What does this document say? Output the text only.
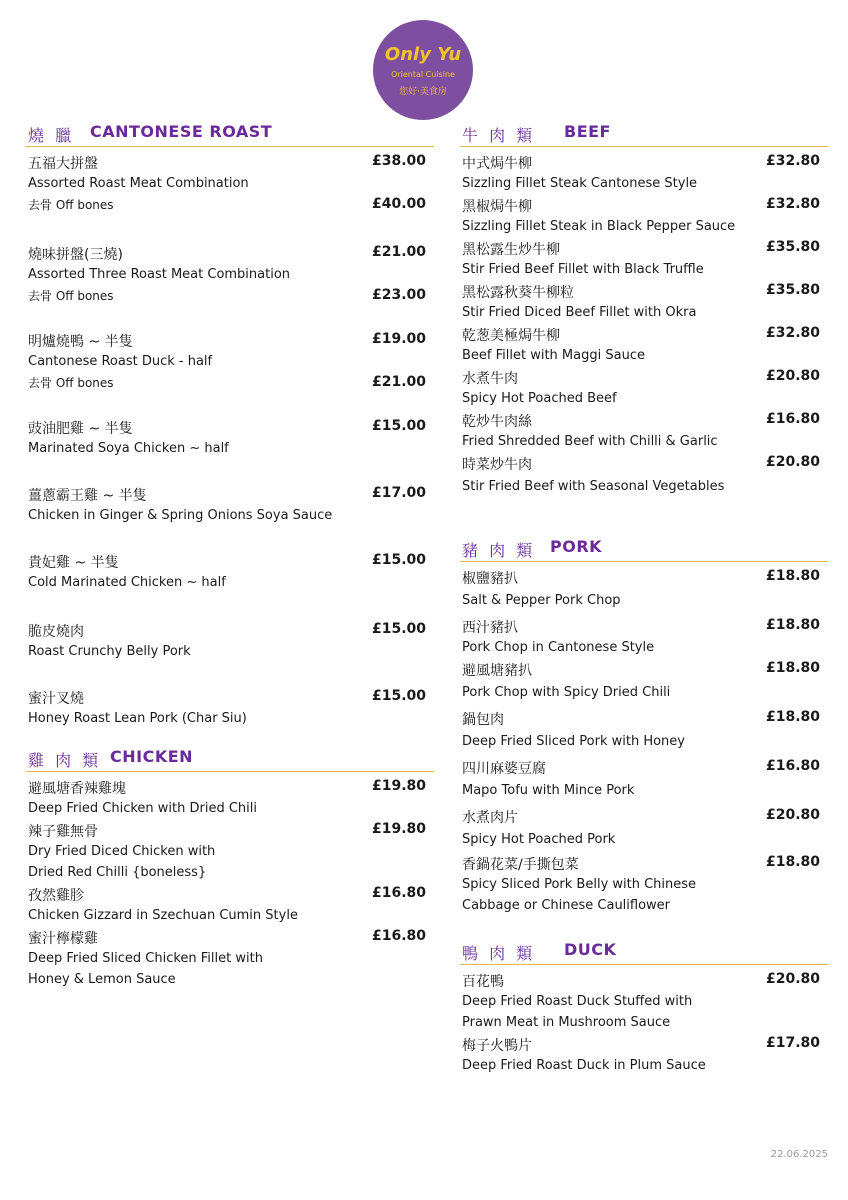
Only Yu
Oriental Cuisine
您好·美食房
燒 臘 CANTONESE ROAST
五福大拼盤	£38.00
Assorted Roast Meat Combination
去骨 Off bones	£40.00
燒味拼盤(三燒)	£21.00
Assorted Three Roast Meat Combination
去骨 Off bones	£23.00
明爐燒鴨 ~ 半隻	£19.00
Cantonese Roast Duck - half
去骨 Off bones	£21.00
豉油肥雞 ~ 半隻	£15.00
Marinated Soya Chicken ~ half
薑蔥霸王雞 ~ 半隻	£17.00
Chicken in Ginger & Spring Onions Soya Sauce
貴妃雞 ~ 半隻	£15.00
Cold Marinated Chicken ~ half
脆皮燒肉	£15.00
Roast Crunchy Belly Pork
蜜汁叉燒	£15.00
Honey Roast Lean Pork (Char Siu)
雞 肉 類 CHICKEN
避風塘香辣雞塊	£19.80
Deep Fried Chicken with Dried Chili
辣子雞無骨	£19.80
Dry Fried Diced Chicken with
Dried Red Chilli {boneless}
孜然雞胗	£16.80
Chicken Gizzard in Szechuan Cumin Style
蜜汁檸檬雞	£16.80
Deep Fried Sliced Chicken Fillet with
Honey & Lemon Sauce
牛 肉 類 BEEF
中式焗牛柳	£32.80
Sizzling Fillet Steak Cantonese Style
黑椒焗牛柳	£32.80
Sizzling Fillet Steak in Black Pepper Sauce
黑松露生炒牛柳	£35.80
Stir Fried Beef Fillet with Black Truffle
黑松露秋葵牛柳粒	£35.80
Stir Fried Diced Beef Fillet with Okra
乾葱美極焗牛柳	£32.80
Beef Fillet with Maggi Sauce
水煮牛肉	£20.80
Spicy Hot Poached Beef
乾炒牛肉絲	£16.80
Fried Shredded Beef with Chilli & Garlic
時菜炒牛肉	£20.80
Stir Fried Beef with Seasonal Vegetables
豬 肉 類 PORK
椒鹽豬扒	£18.80
Salt & Pepper Pork Chop
西汁豬扒	£18.80
Pork Chop in Cantonese Style
避風塘豬扒	£18.80
Pork Chop with Spicy Dried Chili
鍋包肉	£18.80
Deep Fried Sliced Pork with Honey
四川麻婆豆腐	£16.80
Mapo Tofu with Mince Pork
水煮肉片	£20.80
Spicy Hot Poached Pork
香鍋花菜/手撕包菜	£18.80
Spicy Sliced Pork Belly with Chinese
Cabbage or Chinese Cauliflower
鴨 肉 類 DUCK
百花鴨	£20.80
Deep Fried Roast Duck Stuffed with
Prawn Meat in Mushroom Sauce
梅子火鴨片	£17.80
Deep Fried Roast Duck in Plum Sauce
22.06.2025
